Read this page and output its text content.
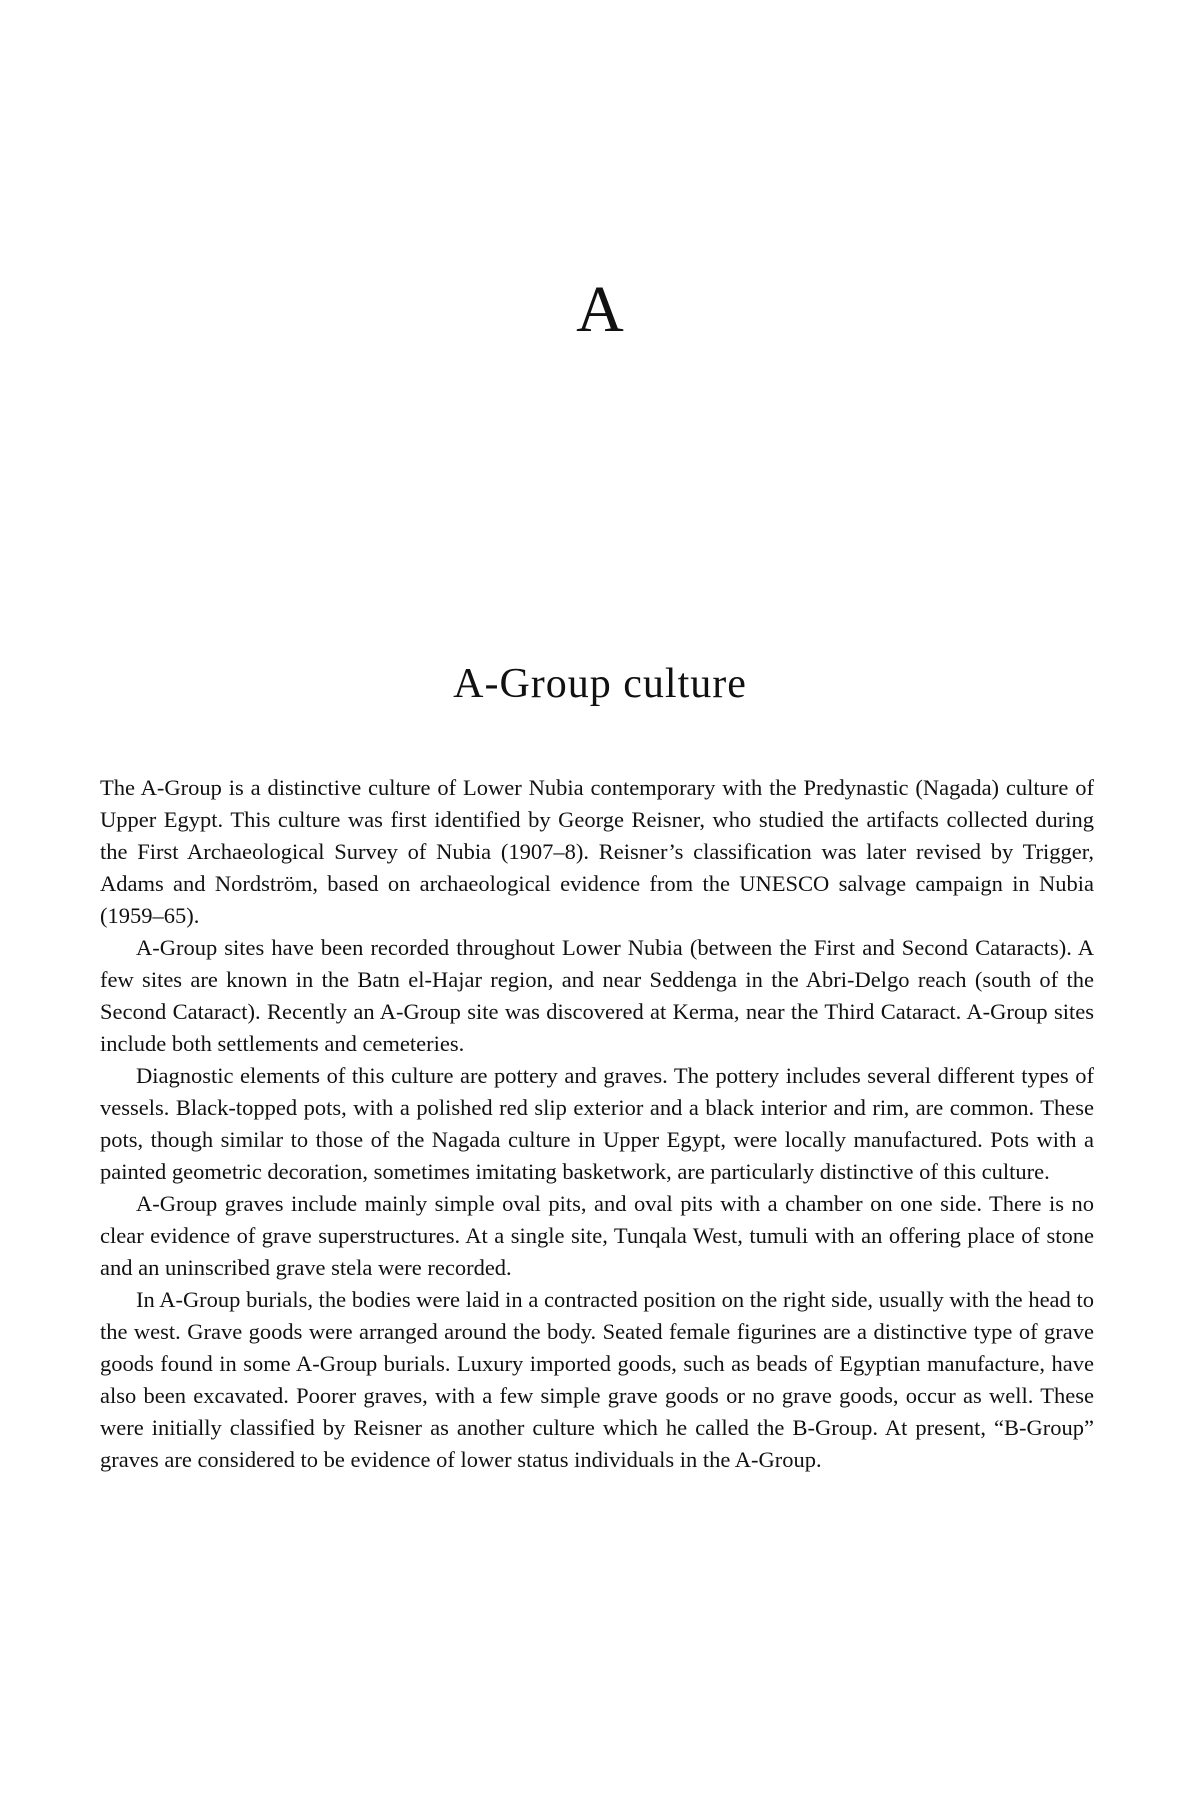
A
A-Group culture

The A-Group is a distinctive culture of Lower Nubia contemporary with the Predynastic (Nagada) culture of Upper Egypt. This culture was first identified by George Reisner, who studied the artifacts collected during the First Archaeological Survey of Nubia (1907–8). Reisner’s classification was later revised by Trigger, Adams and Nordström, based on archaeological evidence from the UNESCO salvage campaign in Nubia (1959–65).

A-Group sites have been recorded throughout Lower Nubia (between the First and Second Cataracts). A few sites are known in the Batn el-Hajar region, and near Seddenga in the Abri-Delgo reach (south of the Second Cataract). Recently an A-Group site was discovered at Kerma, near the Third Cataract. A-Group sites include both settlements and cemeteries.

Diagnostic elements of this culture are pottery and graves. The pottery includes several different types of vessels. Black-topped pots, with a polished red slip exterior and a black interior and rim, are common. These pots, though similar to those of the Nagada culture in Upper Egypt, were locally manufactured. Pots with a painted geometric decoration, sometimes imitating basketwork, are particularly distinctive of this culture.

A-Group graves include mainly simple oval pits, and oval pits with a chamber on one side. There is no clear evidence of grave superstructures. At a single site, Tunqala West, tumuli with an offering place of stone and an uninscribed grave stela were recorded.

In A-Group burials, the bodies were laid in a contracted position on the right side, usually with the head to the west. Grave goods were arranged around the body. Seated female figurines are a distinctive type of grave goods found in some A-Group burials. Luxury imported goods, such as beads of Egyptian manufacture, have also been excavated. Poorer graves, with a few simple grave goods or no grave goods, occur as well. These were initially classified by Reisner as another culture which he called the B-Group. At present, “B-Group” graves are considered to be evidence of lower status individuals in the A-Group.
